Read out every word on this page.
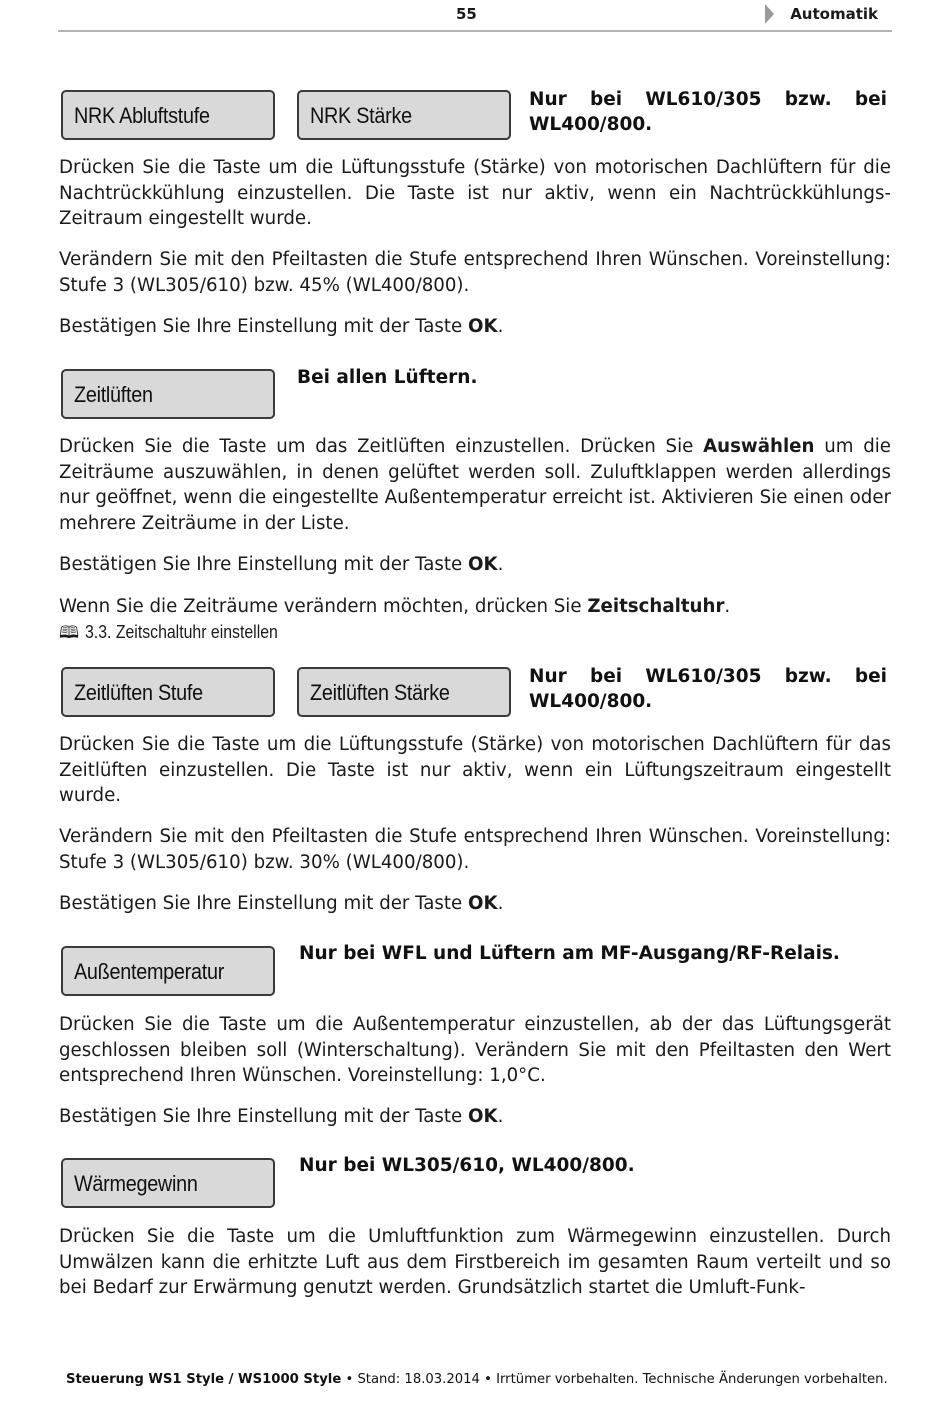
55	Automatik
NRK Abluftstufe	NRK Stärke
Nur bei WL610/305 bzw. bei WL400/800.

Drücken Sie die Taste um die Lüftungsstufe (Stärke) von motorischen Dachlüftern für die Nachtrückkühlung einzustellen. Die Taste ist nur aktiv, wenn ein Nachtrückkühlungs-Zeitraum eingestellt wurde.

Verändern Sie mit den Pfeiltasten die Stufe entsprechend Ihren Wünschen. Voreinstellung: Stufe 3 (WL305/610) bzw. 45% (WL400/800).

Bestätigen Sie Ihre Einstellung mit der Taste OK.

Zeitlüften
Bei allen Lüftern.

Drücken Sie die Taste um das Zeitlüften einzustellen. Drücken Sie Auswählen um die Zeiträume auszuwählen, in denen gelüftet werden soll. Zuluftklappen werden allerdings nur geöffnet, wenn die eingestellte Außentemperatur erreicht ist. Aktivieren Sie einen oder mehrere Zeiträume in der Liste.

Bestätigen Sie Ihre Einstellung mit der Taste OK.

Wenn Sie die Zeiträume verändern möchten, drücken Sie Zeitschaltuhr.

🕮 3.3. Zeitschaltuhr einstellen
Zeitlüften Stufe	Zeitlüften Stärke
Nur bei WL610/305 bzw. bei WL400/800.

Drücken Sie die Taste um die Lüftungsstufe (Stärke) von motorischen Dachlüftern für das Zeitlüften einzustellen. Die Taste ist nur aktiv, wenn ein Lüftungszeitraum eingestellt wurde.

Verändern Sie mit den Pfeiltasten die Stufe entsprechend Ihren Wünschen. Voreinstellung: Stufe 3 (WL305/610) bzw. 30% (WL400/800).

Bestätigen Sie Ihre Einstellung mit der Taste OK.

Außentemperatur
Nur bei WFL und Lüftern am MF-Ausgang/RF-Relais.

Drücken Sie die Taste um die Außentemperatur einzustellen, ab der das Lüftungsgerät geschlossen bleiben soll (Winterschaltung). Verändern Sie mit den Pfeiltasten den Wert entsprechend Ihren Wünschen. Voreinstellung: 1,0°C.

Bestätigen Sie Ihre Einstellung mit der Taste OK.

Wärmegewinn
Nur bei WL305/610, WL400/800.

Drücken Sie die Taste um die Umluftfunktion zum Wärmegewinn einzustellen. Durch Umwälzen kann die erhitzte Luft aus dem Firstbereich im gesamten Raum verteilt und so bei Bedarf zur Erwärmung genutzt werden. Grundsätzlich startet die Umluft-Funk-

Steuerung WS1 Style / WS1000 Style • Stand: 18.03.2014 • Irrtümer vorbehalten. Technische Änderungen vorbehalten.
